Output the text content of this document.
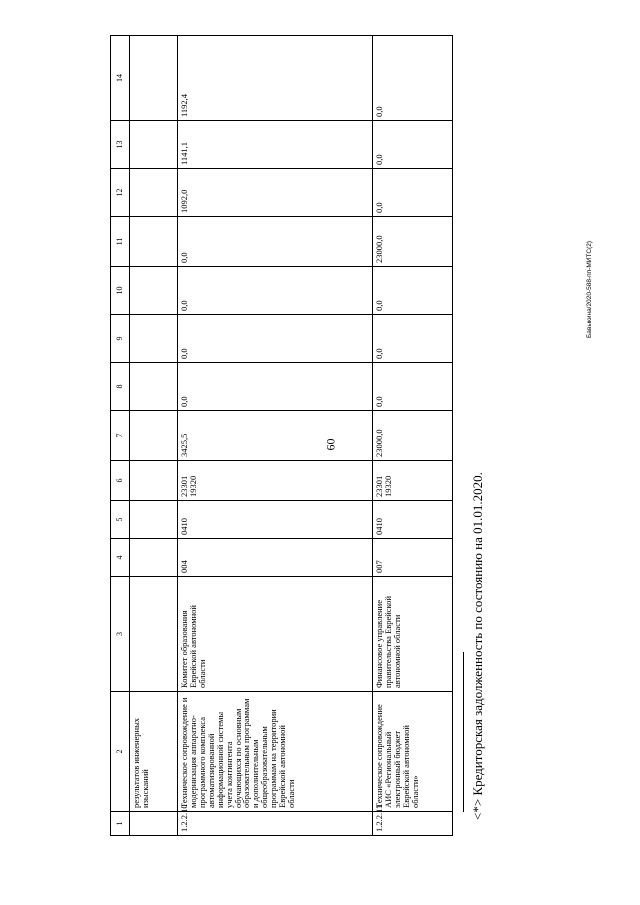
60
Бавыкина/2020-588-пп-МИТС(2)
1	2	3	4	5	6	7	8	9	10	11	12	13	14
	результатов инженерных изысканий												
1.2.2.10	Техническое сопровождение и модернизация аппаратно-программного комплекса автоматизированной информационной системы учета контингента обучающихся по основным образовательным программам и дополнительным общеобразовательным программам на территории Еврейской автономной области	Комитет образования Еврейской автономной области	004	0410	23301 19320	3425,5	0,0	0,0	0,0	0,0	1092,0	1141,1	1192,4
1.2.2.11	Техническое сопровождение АИС «Региональный электронный бюджет Еврейской автономной области»	Финансовое управление правительства Еврейской автономной области	007	0410	23301 19320	23000,0	0,0	0,0	0,0	23000,0	0,0	0,0	0,0
<*> Кредиторская задолженность по состоянию на 01.01.2020.
